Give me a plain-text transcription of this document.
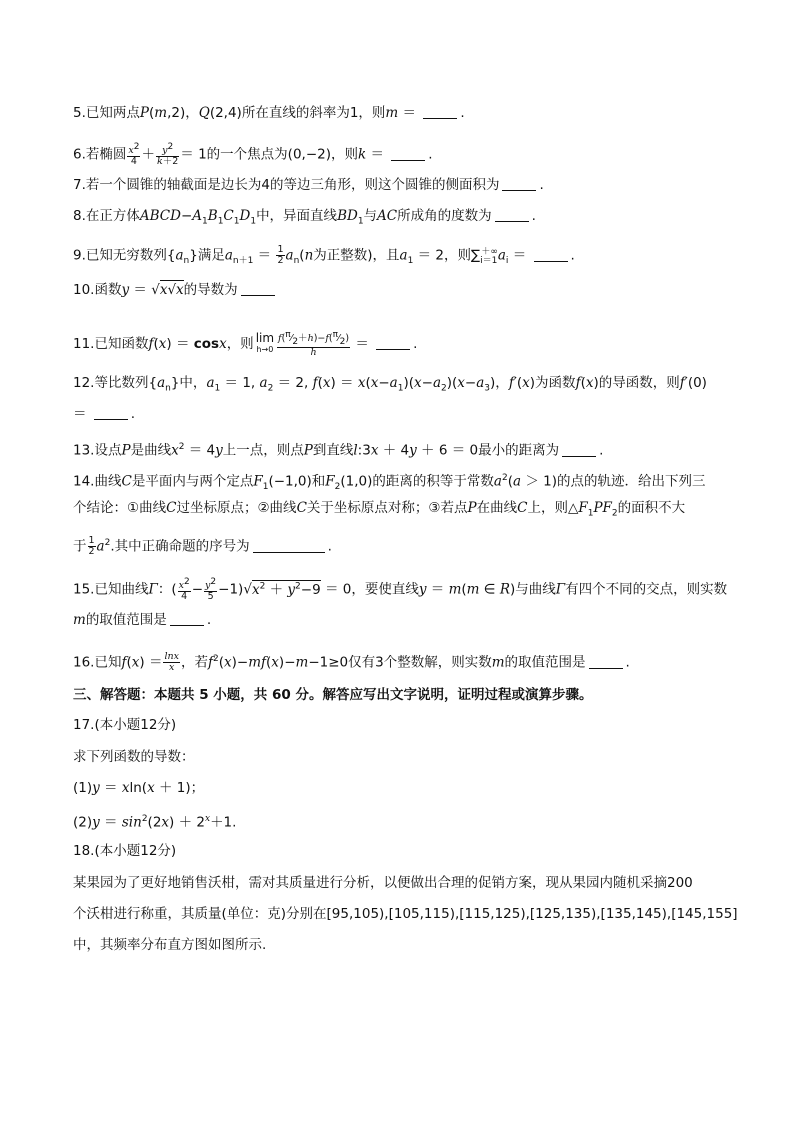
5.已知两点P(m,2)，Q(2,4)所在直线的斜率为1，则m ＝	.
6.若椭圆 $\frac{x^2}{4} + \frac{y^2}{k+2} = 1$的一个焦点为(0,−2)，则k ＝	.
7.若一个圆锥的轴截面是边长为4的等边三角形，则这个圆锥的侧面积为	.
8.在正方体$ABCD-A_1B_1C_1D_1$中，异面直线$BD_1$与AC所成角的度数为	.
9.已知无穷数列$\{a_n\}$满足$a_{n+1} = \frac{1}{2} a_n(n$为正整数)，且$a_1 = 2$，则$\sum_{i=1}^{+\infty}a_i$ ＝	.
10.函数y ＝ √x√x的导数为
11.已知函数f(x) ＝ cosx，则 lim
$h\to 0 \frac{f(^\pi⁄_2+h)-f(^\pi⁄_2)}{h}$ ＝	.
12.等比数列$\{a_n\}$中，$a_1 = 1$, $a_2 = 2$, $f(x) = x(x-a_1)(x-a_2)(x-a_3)$，f′(x)为函数f(x)的导函数，则f′(0)
＝	.
13.设点P是曲线$x^2 = 4y$上一点，则点P到直线l:3x ＋ 4y ＋ 6 ＝ 0最小的距离为	.
14.曲线C是平面内与两个定点$F_1(-1,0)$和$F_2(1,0)$的距离的积等于常数$a^2(a > 1)$的点的轨迹．给出下列三
个结论：①曲线C过坐标原点；②曲线C关于坐标原点对称；③若点P在曲线C上，则$\triangle F_1PF_2$的面积不大
于 $\frac{1}{2} a^2$.其中正确命题的序号为	.
15.已知曲线Γ：( $\frac{x^2}{4} - \frac{y^2}{5} -1)√x^2 + y^2-9 = 0$，要使直线y ＝ m(m ∈ R)与曲线Γ有四个不同的交点，则实数
m的取值范围是	.
16.已知$f(x) = \frac{\ln x}{x}$ ，若$f^2(x)-mf(x)-m-1\ge 0$仅有3个整数解，则实数m的取值范围是	.
三、解答题：本题共 5 小题，共 60 分。解答应写出文字说明，证明过程或演算步骤。
17.(本小题12分)
求下列函数的导数：
(1)y ＝ xln(x ＋ 1)；
$(2)y = \sin^2(2x) + 2^x+1$.
18.(本小题12分)
某果园为了更好地销售沃柑，需对其质量进行分析，以便做出合理的促销方案，现从果园内随机采摘200
个沃柑进行称重，其质量(单位：克)分别在[95,105),[105,115),[115,125),[125,135),[135,145),[145,155]
中，其频率分布直方图如图所示.
